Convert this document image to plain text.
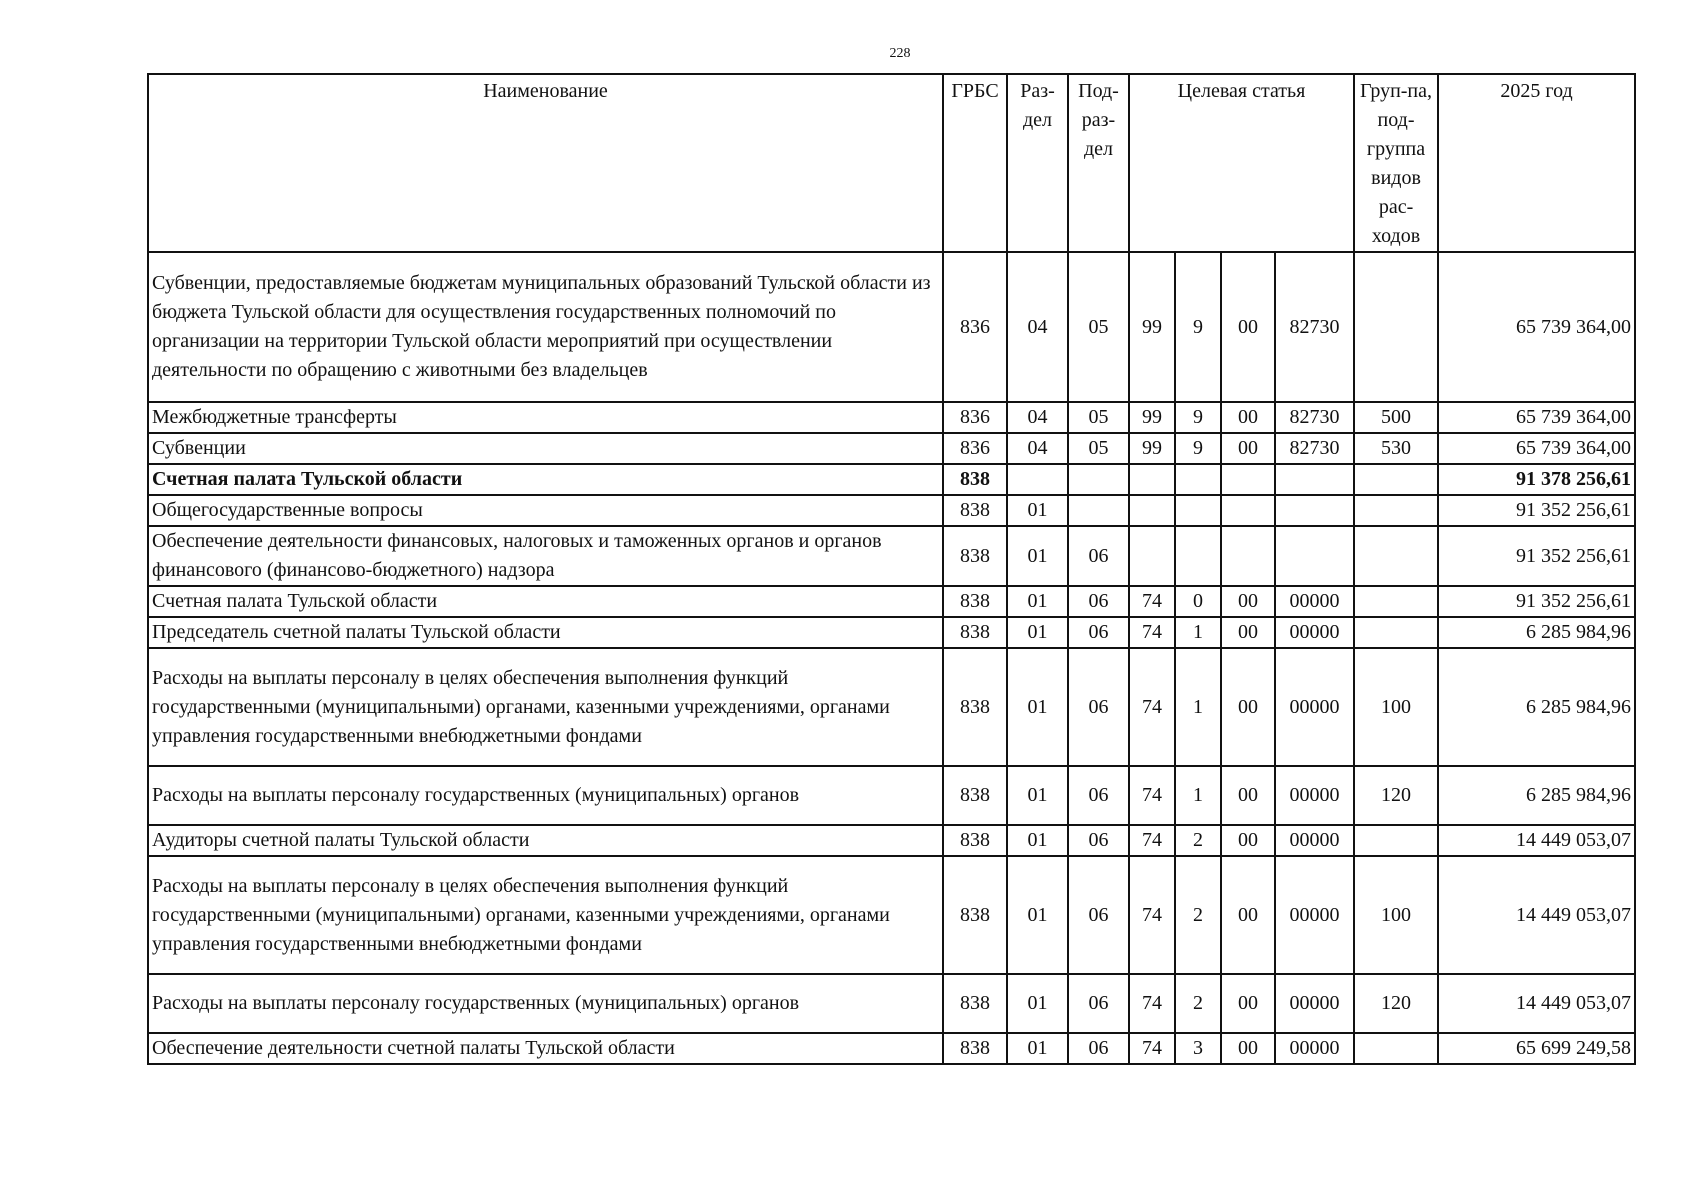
228
Наименование	ГРБС	Раз-дел	Под-раз-дел	Целевая статья				Груп-па, под-группа видов рас-ходов	2025 год
Субвенции, предоставляемые бюджетам муниципальных образований Тульской области из бюджета Тульской области для осуществления государственных полномочий по организации на территории Тульской области мероприятий при осуществлении деятельности по обращению с животными без владельцев	836	04	05	99	9	00	82730		65 739 364,00
Межбюджетные трансферты	836	04	05	99	9	00	82730	500	65 739 364,00
Субвенции	836	04	05	99	9	00	82730	530	65 739 364,00
Счетная палата Тульской области	838								91 378 256,61
Общегосударственные вопросы	838	01							91 352 256,61
Обеспечение деятельности финансовых, налоговых и таможенных органов и органов финансового (финансово-бюджетного) надзора	838	01	06						91 352 256,61
Счетная палата Тульской области	838	01	06	74	0	00	00000		91 352 256,61
Председатель счетной палаты Тульской области	838	01	06	74	1	00	00000		6 285 984,96
Расходы на выплаты персоналу в целях обеспечения выполнения функций государственными (муниципальными) органами, казенными учреждениями, органами управления государственными внебюджетными фондами	838	01	06	74	1	00	00000	100	6 285 984,96
Расходы на выплаты персоналу государственных (муниципальных) органов	838	01	06	74	1	00	00000	120	6 285 984,96
Аудиторы счетной палаты Тульской области	838	01	06	74	2	00	00000		14 449 053,07
Расходы на выплаты персоналу в целях обеспечения выполнения функций государственными (муниципальными) органами, казенными учреждениями, органами управления государственными внебюджетными фондами	838	01	06	74	2	00	00000	100	14 449 053,07
Расходы на выплаты персоналу государственных (муниципальных) органов	838	01	06	74	2	00	00000	120	14 449 053,07
Обеспечение деятельности счетной палаты Тульской области	838	01	06	74	3	00	00000		65 699 249,58
